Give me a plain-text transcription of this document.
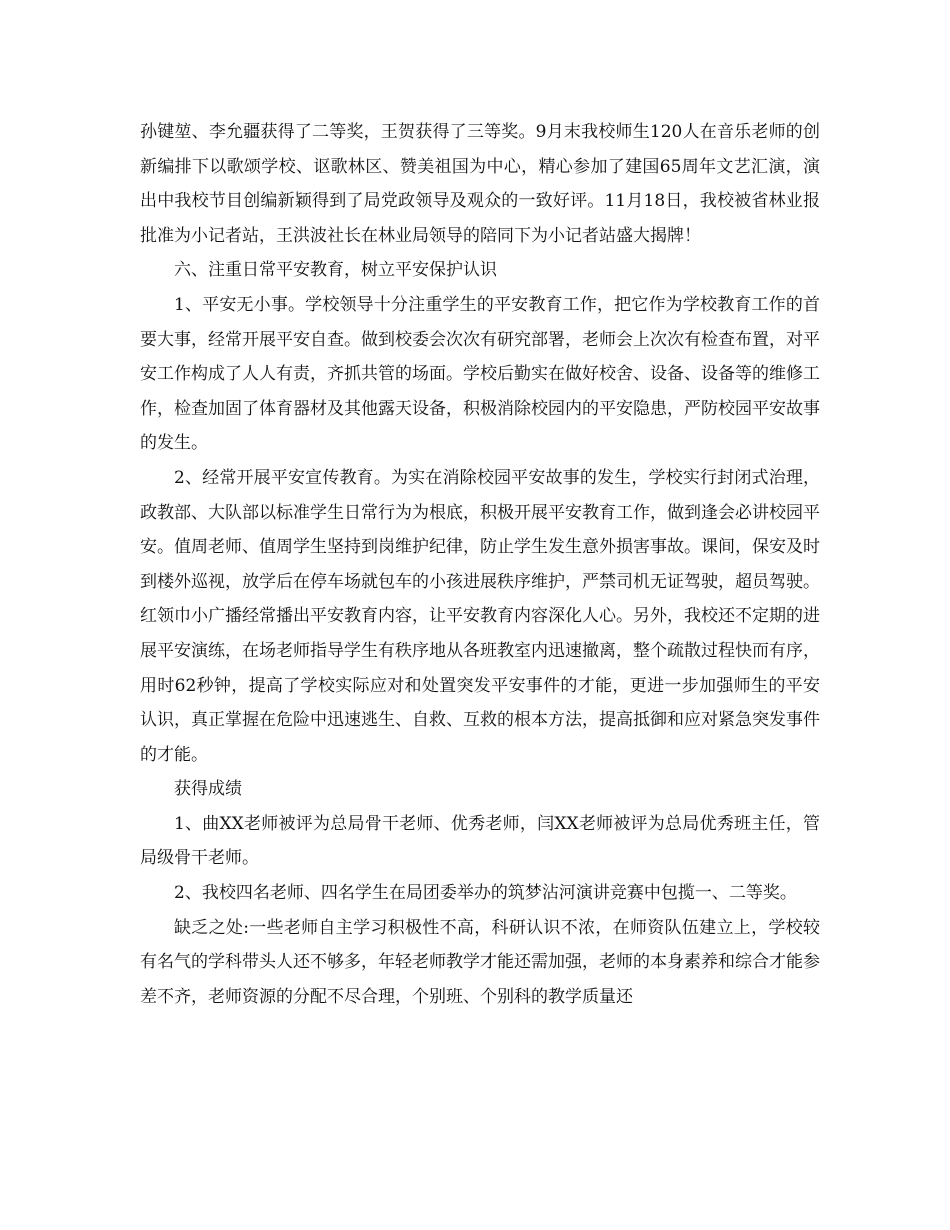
孙键堃、李允疆获得了二等奖，王贺获得了三等奖。9月末我校师生120人在音乐老师的创新编排下以歌颂学校、讴歌林区、赞美祖国为中心，精心参加了建国65周年文艺汇演，演出中我校节目创编新颖得到了局党政领导及观众的一致好评。11月18日，我校被省林业报批准为小记者站，王洪波社长在林业局领导的陪同下为小记者站盛大揭牌！

六、注重日常平安教育，树立平安保护认识

1、平安无小事。学校领导十分注重学生的平安教育工作，把它作为学校教育工作的首要大事，经常开展平安自查。做到校委会次次有研究部署，老师会上次次有检查布置，对平安工作构成了人人有责，齐抓共管的场面。学校后勤实在做好校舍、设备、设备等的维修工作，检查加固了体育器材及其他露天设备，积极消除校园内的平安隐患，严防校园平安故事的发生。

2、经常开展平安宣传教育。为实在消除校园平安故事的发生，学校实行封闭式治理，政教部、大队部以标准学生日常行为为根底，积极开展平安教育工作，做到逢会必讲校园平安。值周老师、值周学生坚持到岗维护纪律，防止学生发生意外损害事故。课间，保安及时到楼外巡视，放学后在停车场就包车的小孩进展秩序维护，严禁司机无证驾驶，超员驾驶。红领巾小广播经常播出平安教育内容，让平安教育内容深化人心。另外，我校还不定期的进展平安演练，在场老师指导学生有秩序地从各班教室内迅速撤离，整个疏散过程快而有序，用时62秒钟，提高了学校实际应对和处置突发平安事件的才能，更进一步加强师生的平安认识，真正掌握在危险中迅速逃生、自救、互救的根本方法，提高抵御和应对紧急突发事件的才能。

获得成绩

1、曲XX老师被评为总局骨干老师、优秀老师，闫XX老师被评为总局优秀班主任，管局级骨干老师。

2、我校四名老师、四名学生在局团委举办的筑梦沾河演讲竞赛中包揽一、二等奖。

缺乏之处:一些老师自主学习积极性不高，科研认识不浓，在师资队伍建立上，学校较有名气的学科带头人还不够多，年轻老师教学才能还需加强，老师的本身素养和综合才能参差不齐，老师资源的分配不尽合理，个别班、个别科的教学质量还
